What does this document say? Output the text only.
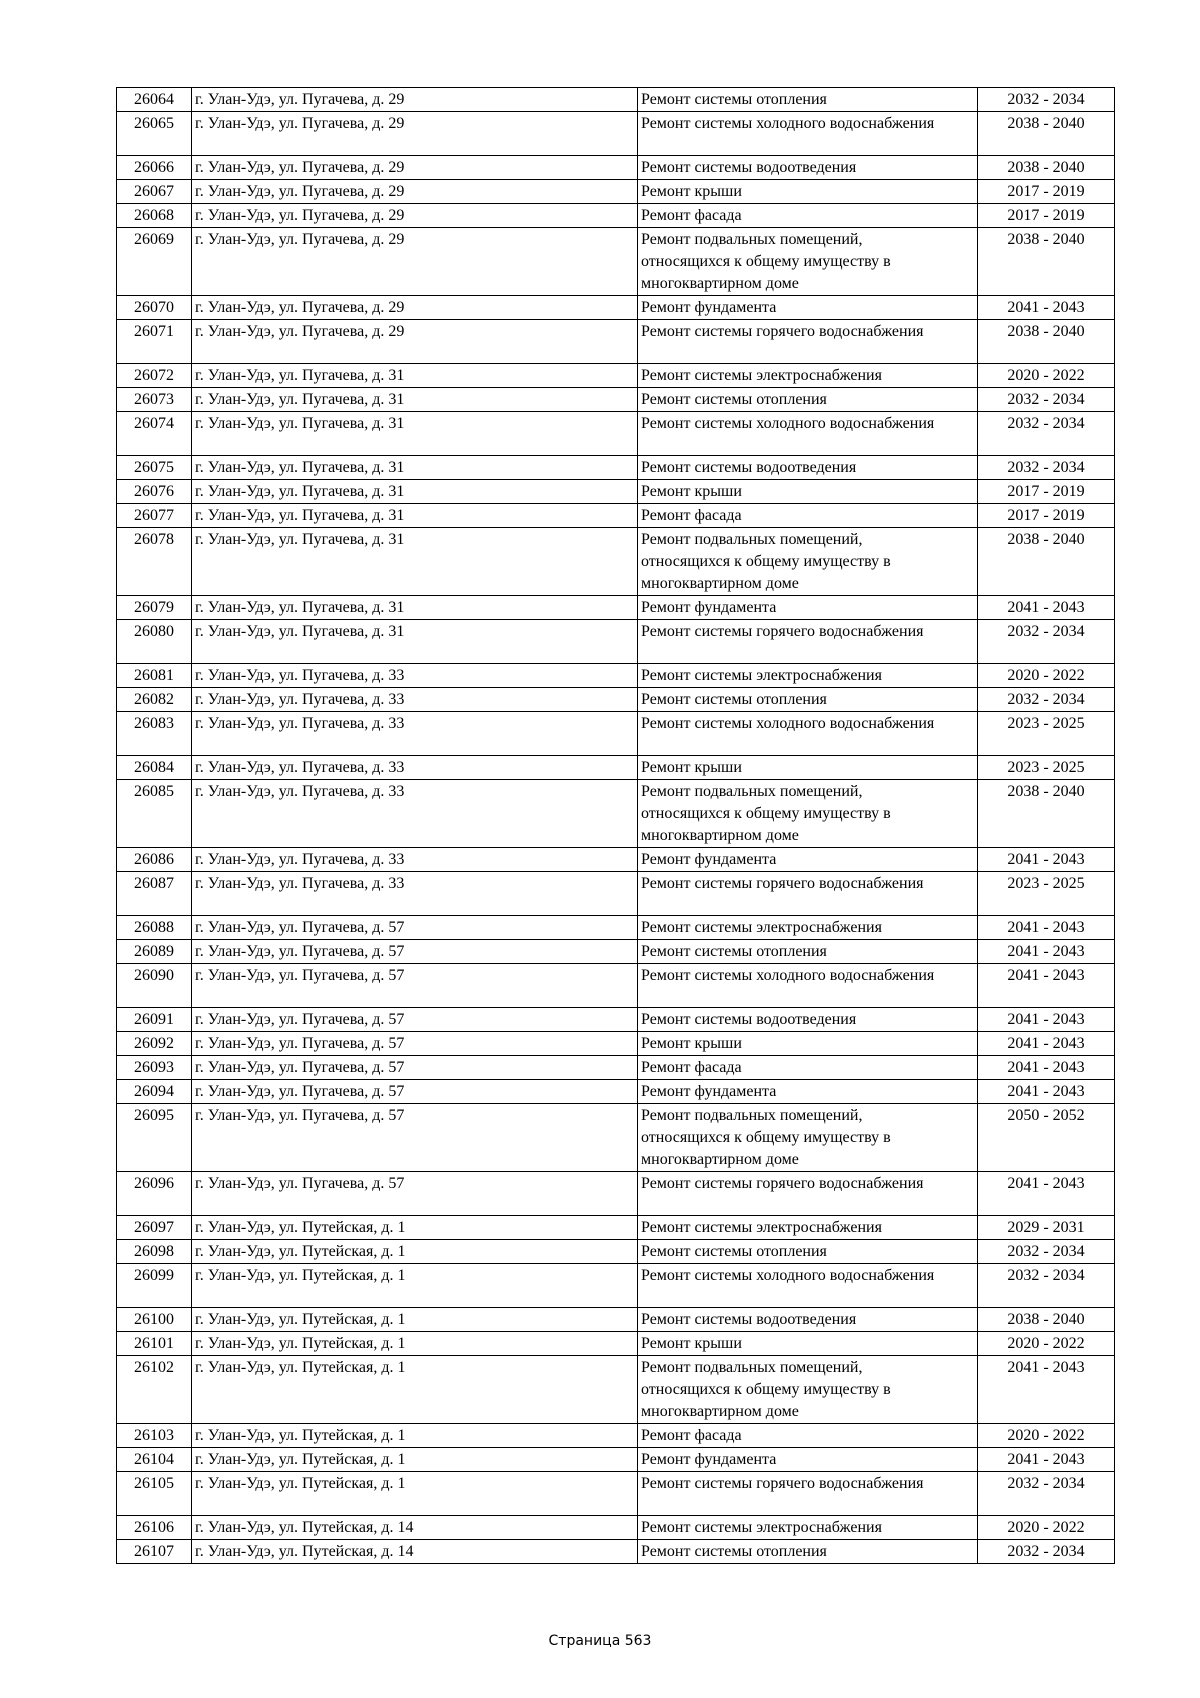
26064	г. Улан-Удэ, ул. Пугачева, д. 29	Ремонт системы отопления	2032 - 2034
26065	г. Улан-Удэ, ул. Пугачева, д. 29	Ремонт системы холодного водоснабжения	2038 - 2040
26066	г. Улан-Удэ, ул. Пугачева, д. 29	Ремонт системы водоотведения	2038 - 2040
26067	г. Улан-Удэ, ул. Пугачева, д. 29	Ремонт крыши	2017 - 2019
26068	г. Улан-Удэ, ул. Пугачева, д. 29	Ремонт фасада	2017 - 2019
26069	г. Улан-Удэ, ул. Пугачева, д. 29	Ремонт подвальных помещений,
относящихся к общему имуществу в
многоквартирном доме	2038 - 2040
26070	г. Улан-Удэ, ул. Пугачева, д. 29	Ремонт фундамента	2041 - 2043
26071	г. Улан-Удэ, ул. Пугачева, д. 29	Ремонт системы горячего водоснабжения	2038 - 2040
26072	г. Улан-Удэ, ул. Пугачева, д. 31	Ремонт системы электроснабжения	2020 - 2022
26073	г. Улан-Удэ, ул. Пугачева, д. 31	Ремонт системы отопления	2032 - 2034
26074	г. Улан-Удэ, ул. Пугачева, д. 31	Ремонт системы холодного водоснабжения	2032 - 2034
26075	г. Улан-Удэ, ул. Пугачева, д. 31	Ремонт системы водоотведения	2032 - 2034
26076	г. Улан-Удэ, ул. Пугачева, д. 31	Ремонт крыши	2017 - 2019
26077	г. Улан-Удэ, ул. Пугачева, д. 31	Ремонт фасада	2017 - 2019
26078	г. Улан-Удэ, ул. Пугачева, д. 31	Ремонт подвальных помещений,
относящихся к общему имуществу в
многоквартирном доме	2038 - 2040
26079	г. Улан-Удэ, ул. Пугачева, д. 31	Ремонт фундамента	2041 - 2043
26080	г. Улан-Удэ, ул. Пугачева, д. 31	Ремонт системы горячего водоснабжения	2032 - 2034
26081	г. Улан-Удэ, ул. Пугачева, д. 33	Ремонт системы электроснабжения	2020 - 2022
26082	г. Улан-Удэ, ул. Пугачева, д. 33	Ремонт системы отопления	2032 - 2034
26083	г. Улан-Удэ, ул. Пугачева, д. 33	Ремонт системы холодного водоснабжения	2023 - 2025
26084	г. Улан-Удэ, ул. Пугачева, д. 33	Ремонт крыши	2023 - 2025
26085	г. Улан-Удэ, ул. Пугачева, д. 33	Ремонт подвальных помещений,
относящихся к общему имуществу в
многоквартирном доме	2038 - 2040
26086	г. Улан-Удэ, ул. Пугачева, д. 33	Ремонт фундамента	2041 - 2043
26087	г. Улан-Удэ, ул. Пугачева, д. 33	Ремонт системы горячего водоснабжения	2023 - 2025
26088	г. Улан-Удэ, ул. Пугачева, д. 57	Ремонт системы электроснабжения	2041 - 2043
26089	г. Улан-Удэ, ул. Пугачева, д. 57	Ремонт системы отопления	2041 - 2043
26090	г. Улан-Удэ, ул. Пугачева, д. 57	Ремонт системы холодного водоснабжения	2041 - 2043
26091	г. Улан-Удэ, ул. Пугачева, д. 57	Ремонт системы водоотведения	2041 - 2043
26092	г. Улан-Удэ, ул. Пугачева, д. 57	Ремонт крыши	2041 - 2043
26093	г. Улан-Удэ, ул. Пугачева, д. 57	Ремонт фасада	2041 - 2043
26094	г. Улан-Удэ, ул. Пугачева, д. 57	Ремонт фундамента	2041 - 2043
26095	г. Улан-Удэ, ул. Пугачева, д. 57	Ремонт подвальных помещений,
относящихся к общему имуществу в
многоквартирном доме	2050 - 2052
26096	г. Улан-Удэ, ул. Пугачева, д. 57	Ремонт системы горячего водоснабжения	2041 - 2043
26097	г. Улан-Удэ, ул. Путейская, д. 1	Ремонт системы электроснабжения	2029 - 2031
26098	г. Улан-Удэ, ул. Путейская, д. 1	Ремонт системы отопления	2032 - 2034
26099	г. Улан-Удэ, ул. Путейская, д. 1	Ремонт системы холодного водоснабжения	2032 - 2034
26100	г. Улан-Удэ, ул. Путейская, д. 1	Ремонт системы водоотведения	2038 - 2040
26101	г. Улан-Удэ, ул. Путейская, д. 1	Ремонт крыши	2020 - 2022
26102	г. Улан-Удэ, ул. Путейская, д. 1	Ремонт подвальных помещений,
относящихся к общему имуществу в
многоквартирном доме	2041 - 2043
26103	г. Улан-Удэ, ул. Путейская, д. 1	Ремонт фасада	2020 - 2022
26104	г. Улан-Удэ, ул. Путейская, д. 1	Ремонт фундамента	2041 - 2043
26105	г. Улан-Удэ, ул. Путейская, д. 1	Ремонт системы горячего водоснабжения	2032 - 2034
26106	г. Улан-Удэ, ул. Путейская, д. 14	Ремонт системы электроснабжения	2020 - 2022
26107	г. Улан-Удэ, ул. Путейская, д. 14	Ремонт системы отопления	2032 - 2034
Страница 563
